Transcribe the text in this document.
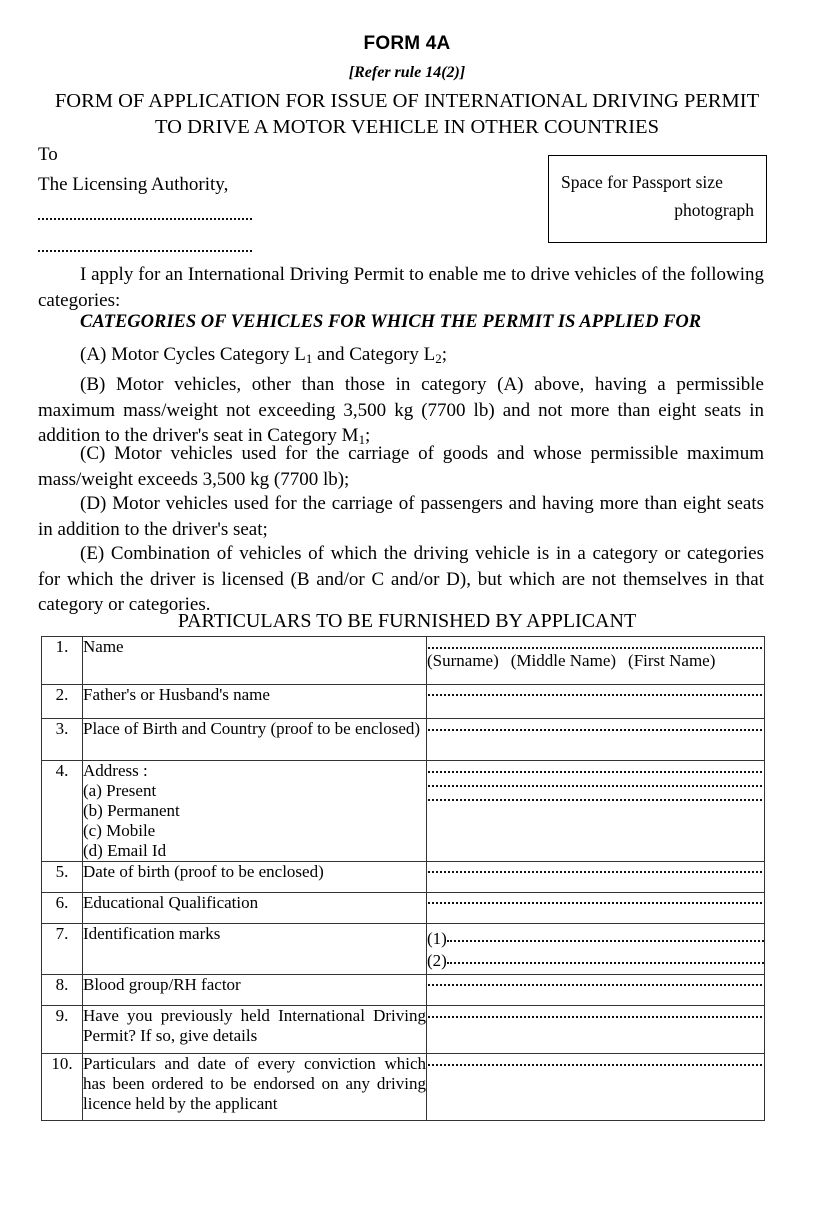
FORM 4A
[Refer rule 14(2)]
FORM OF APPLICATION FOR ISSUE OF INTERNATIONAL DRIVING PERMIT
TO DRIVE A MOTOR VEHICLE IN OTHER COUNTRIES
To
The Licensing Authority,	Space for Passport size
photograph
I apply for an International Driving Permit to enable me to drive vehicles of the following categories:
CATEGORIES OF VEHICLES FOR WHICH THE PERMIT IS APPLIED FOR
(A) Motor Cycles Category $L_1$ and Category $L_2$;
(B) Motor vehicles, other than those in category (A) above, having a permissible maximum mass/weight not exceeding 3,500 kg (7700 lb) and not more than eight seats in addition to the driver's seat in Category $M_1$;
(C) Motor vehicles used for the carriage of goods and whose permissible maximum mass/weight exceeds 3,500 kg (7700 lb);
(D) Motor vehicles used for the carriage of passengers and having more than eight seats in addition to the driver's seat;
(E) Combination of vehicles of which the driving vehicle is in a category or categories for which the driver is licensed (B and/or C and/or D), but which are not themselves in that category or categories.
PARTICULARS TO BE FURNISHED BY APPLICANT
1.	Name	(Surname) (Middle Name) (First Name)

2.	Father's or Husband's name	

3.	Place of Birth and Country (proof to be enclosed)	

4.	Address :
(a) Present
(b) Permanent
(c) Mobile
(d) Email Id	

5.	Date of birth (proof to be enclosed)	

6.	Educational Qualification	

7.	Identification marks	(1)
(2)

8.	Blood group/RH factor	

9.	Have you previously held International Driving Permit? If so, give details	

10.	Particulars and date of every conviction which has been ordered to be endorsed on any driving licence held by the applicant	
